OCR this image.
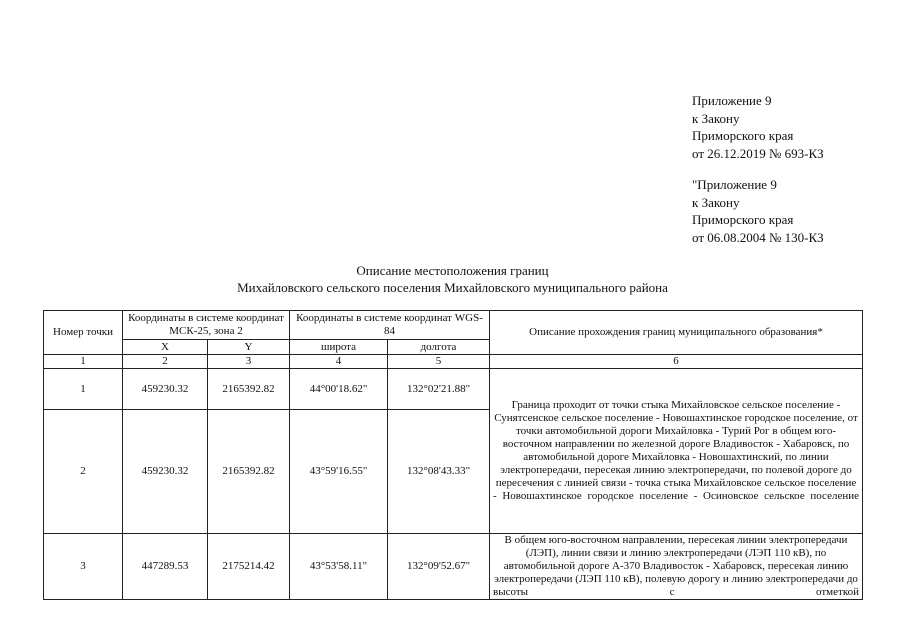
Приложение 9
к Закону
Приморского края
от 26.12.2019 № 693-КЗ
"Приложение 9
к Закону
Приморского края
от 06.08.2004 № 130-КЗ
Описание местоположения границ
Михайловского сельского поселения Михайловского муниципального района
Номер точки	Координаты в системе координат МСК-25, зона 2		Координаты в системе координат WGS-84		Описание прохождения границ муниципального образования*
	X	Y	широта	долгота	
1	2	3	4	5	6
1	459230.32	2165392.82	44°00'18.62"	132°02'21.88"	Граница проходит от точки стыка Михайловское сельское поселение - Сунятсенское сельское поселение - Новошахтинское городское поселение, от точки автомобильной дороги Михайловка - Турий Рог в общем юго-восточном направлении по железной дороге Владивосток - Хабаровск, по автомобильной дороге Михайловка - Новошахтинский, по линии электропередачи, пересекая линию электропередачи, по полевой дороге до пересечения с линией связи - точка стыка Михайловское сельское поселение - Новошахтинское городское поселение - Осиновское сельское поселение
2	459230.32	2165392.82	43°59'16.55"	132°08'43.33"	
3	447289.53	2175214.42	43°53'58.11"	132°09'52.67"	В общем юго-восточном направлении, пересекая линии электропередачи (ЛЭП), линии связи и линию электропередачи (ЛЭП 110 кВ), по автомобильной дороге А-370 Владивосток - Хабаровск, пересекая линию электропередачи (ЛЭП 110 кВ), полевую дорогу и линию электропередачи до высоты с отметкой
